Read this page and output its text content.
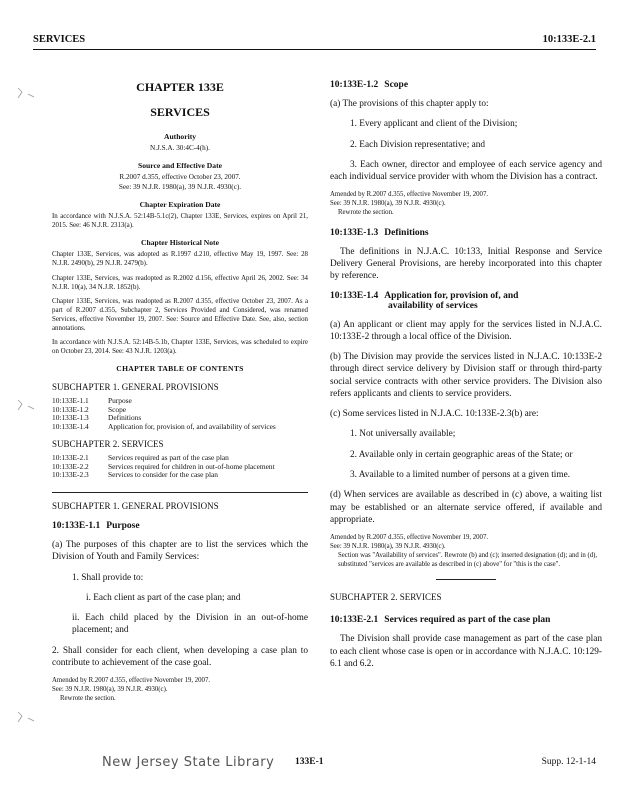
SERVICES	10:133E-2.1
CHAPTER 133E
SERVICES
Authority

N.J.S.A. 30:4C-4(h).

Source and Effective Date

R.2007 d.355, effective October 23, 2007.

See: 39 N.J.R. 1980(a), 39 N.J.R. 4930(c).

Chapter Expiration Date

In accordance with N.J.S.A. 52:14B-5.1c(2), Chapter 133E, Services, expires on April 21, 2015. See: 46 N.J.R. 2313(a).

Chapter Historical Note

Chapter 133E, Services, was adopted as R.1997 d.210, effective May 19, 1997. See: 28 N.J.R. 2490(b), 29 N.J.R. 2479(b).

Chapter 133E, Services, was readopted as R.2002 d.156, effective April 26, 2002. See: 34 N.J.R. 10(a), 34 N.J.R. 1852(b).

Chapter 133E, Services, was readopted as R.2007 d.355, effective October 23, 2007. As a part of R.2007 d.355, Subchapter 2, Services Provided and Considered, was renamed Services, effective November 19, 2007. See: Source and Effective Date. See, also, section annotations.

In accordance with N.J.S.A. 52:14B-5.1b, Chapter 133E, Services, was scheduled to expire on October 23, 2014. See: 43 N.J.R. 1203(a).

CHAPTER TABLE OF CONTENTS
SUBCHAPTER 1. GENERAL PROVISIONS
10:133E-1.1	Purpose
10:133E-1.2	Scope
10:133E-1.3	Definitions
10:133E-1.4	Application for, provision of, and availability of services
SUBCHAPTER 2. SERVICES
10:133E-2.1	Services required as part of the case plan
10:133E-2.2	Services required for children in out-of-home placement
10:133E-2.3	Services to consider for the case plan
SUBCHAPTER 1. GENERAL PROVISIONS
10:133E-1.1 Purpose

(a) The purposes of this chapter are to list the services which the Division of Youth and Family Services:

1. Shall provide to:

i. Each client as part of the case plan; and

ii. Each child placed by the Division in an out-of-home placement; and

2. Shall consider for each client, when developing a case plan to contribute to achievement of the case goal.

Amended by R.2007 d.355, effective November 19, 2007.
See: 39 N.J.R. 1980(a), 39 N.J.R. 4930(c).
Rewrote the section.
10:133E-1.2 Scope

(a) The provisions of this chapter apply to:

1. Every applicant and client of the Division;

2. Each Division representative; and

3. Each owner, director and employee of each service agency and each individual service provider with whom the Division has a contract.

Amended by R.2007 d.355, effective November 19, 2007.
See: 39 N.J.R. 1980(a), 39 N.J.R. 4930(c).
Rewrote the section.
10:133E-1.3 Definitions

The definitions in N.J.A.C. 10:133, Initial Response and Service Delivery General Provisions, are hereby incorporated into this chapter by reference.

10:133E-1.4 Application for, provision of, and
availability of services

(a) An applicant or client may apply for the services listed in N.J.A.C. 10:133E-2 through a local office of the Division.

(b) The Division may provide the services listed in N.J.A.C. 10:133E-2 through direct service delivery by Division staff or through third-party social service contracts with other service providers. The Division also refers applicants and clients to service providers.

(c) Some services listed in N.J.A.C. 10:133E-2.3(b) are:

1. Not universally available;

2. Available only in certain geographic areas of the State; or

3. Available to a limited number of persons at a given time.

(d) When services are available as described in (c) above, a waiting list may be established or an alternate service offered, if available and appropriate.

Amended by R.2007 d.355, effective November 19, 2007.
See: 39 N.J.R. 1980(a), 39 N.J.R. 4930(c).
Section was "Availability of services". Rewrote (b) and (c); inserted designation (d); and in (d), substituted "services are available as described in (c) above" for "this is the case".
SUBCHAPTER 2. SERVICES
10:133E-2.1 Services required as part of the case plan

The Division shall provide case management as part of the case plan to each client whose case is open or in accordance with N.J.A.C. 10:129-6.1 and 6.2.

New Jersey State Library 133E-1	Supp. 12-1-14
